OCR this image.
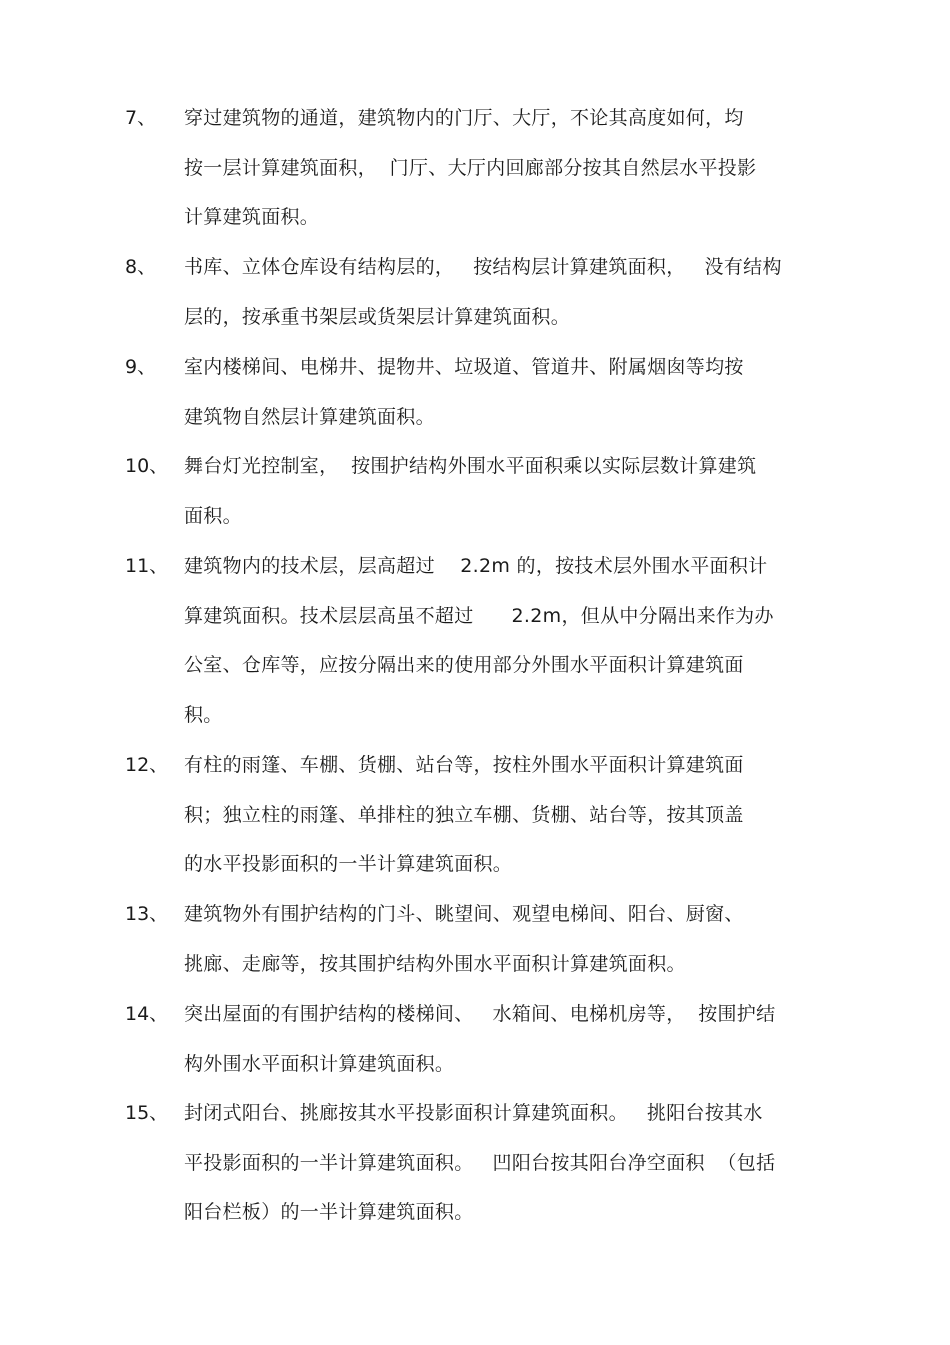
7、 穿过建筑物的通道，建筑物内的门厅、大厅，不论其高度如何，均
按一层计算建筑面积，  门厅、大厅内回廊部分按其自然层水平投影
计算建筑面积。
8、 书库、立体仓库设有结构层的，   按结构层计算建筑面积，   没有结构
层的，按承重书架层或货架层计算建筑面积。
9、 室内楼梯间、电梯井、提物井、垃圾道、管道井、附属烟囱等均按
建筑物自然层计算建筑面积。
10、 舞台灯光控制室，  按围护结构外围水平面积乘以实际层数计算建筑
面积。
11、 建筑物内的技术层，层高超过    2.2m 的，按技术层外围水平面积计
算建筑面积。技术层层高虽不超过      2.2m，但从中分隔出来作为办
公室、仓库等，应按分隔出来的使用部分外围水平面积计算建筑面
积。
12、 有柱的雨篷、车棚、货棚、站台等，按柱外围水平面积计算建筑面
积；独立柱的雨篷、单排柱的独立车棚、货棚、站台等，按其顶盖
的水平投影面积的一半计算建筑面积。
13、 建筑物外有围护结构的门斗、眺望间、观望电梯间、阳台、厨窗、
挑廊、走廊等，按其围护结构外围水平面积计算建筑面积。
14、 突出屋面的有围护结构的楼梯间、   水箱间、电梯机房等，  按围护结
构外围水平面积计算建筑面积。
15、 封闭式阳台、挑廊按其水平投影面积计算建筑面积。   挑阳台按其水
平投影面积的一半计算建筑面积。   凹阳台按其阳台净空面积  （包括
阳台栏板）的一半计算建筑面积。
